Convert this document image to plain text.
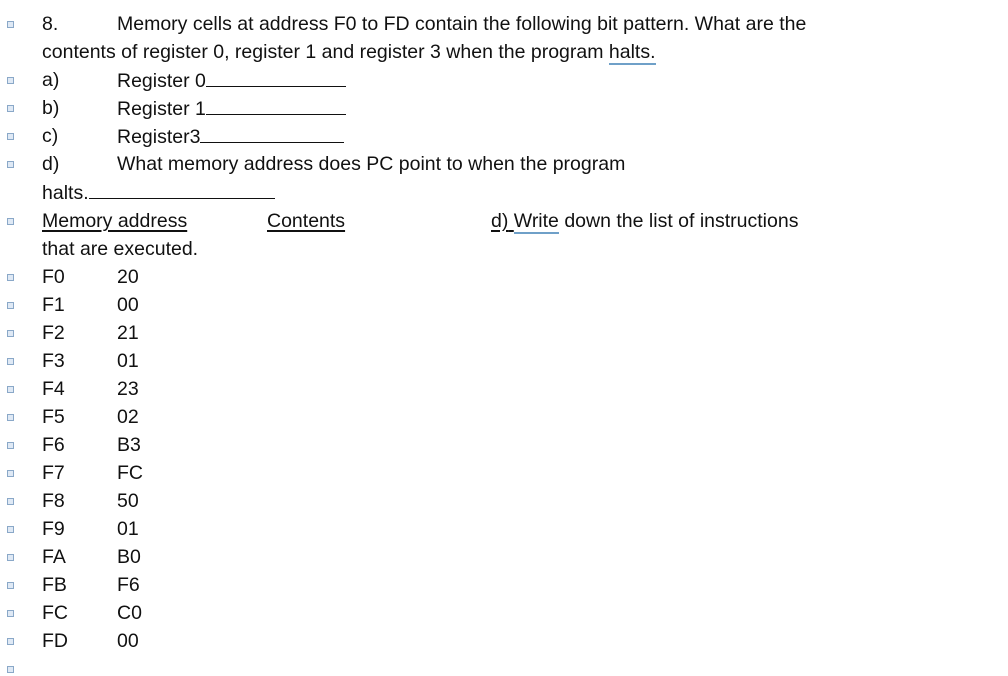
8.	Memory cells at address F0 to FD contain the following bit pattern. What are the
contents of register 0, register 1 and register 3 when the program halts.
a)	Register 0
b)	Register 1
c)	Register3
d)	What memory address does PC point to when the program
halts.
Memory address	Contents	d) Write down the list of instructions
that are executed.
F0	20
F1	00
F2	21
F3	01
F4	23
F5	02
F6	B3
F7	FC
F8	50
F9	01
FA	B0
FB	F6
FC	C0
FD	00
